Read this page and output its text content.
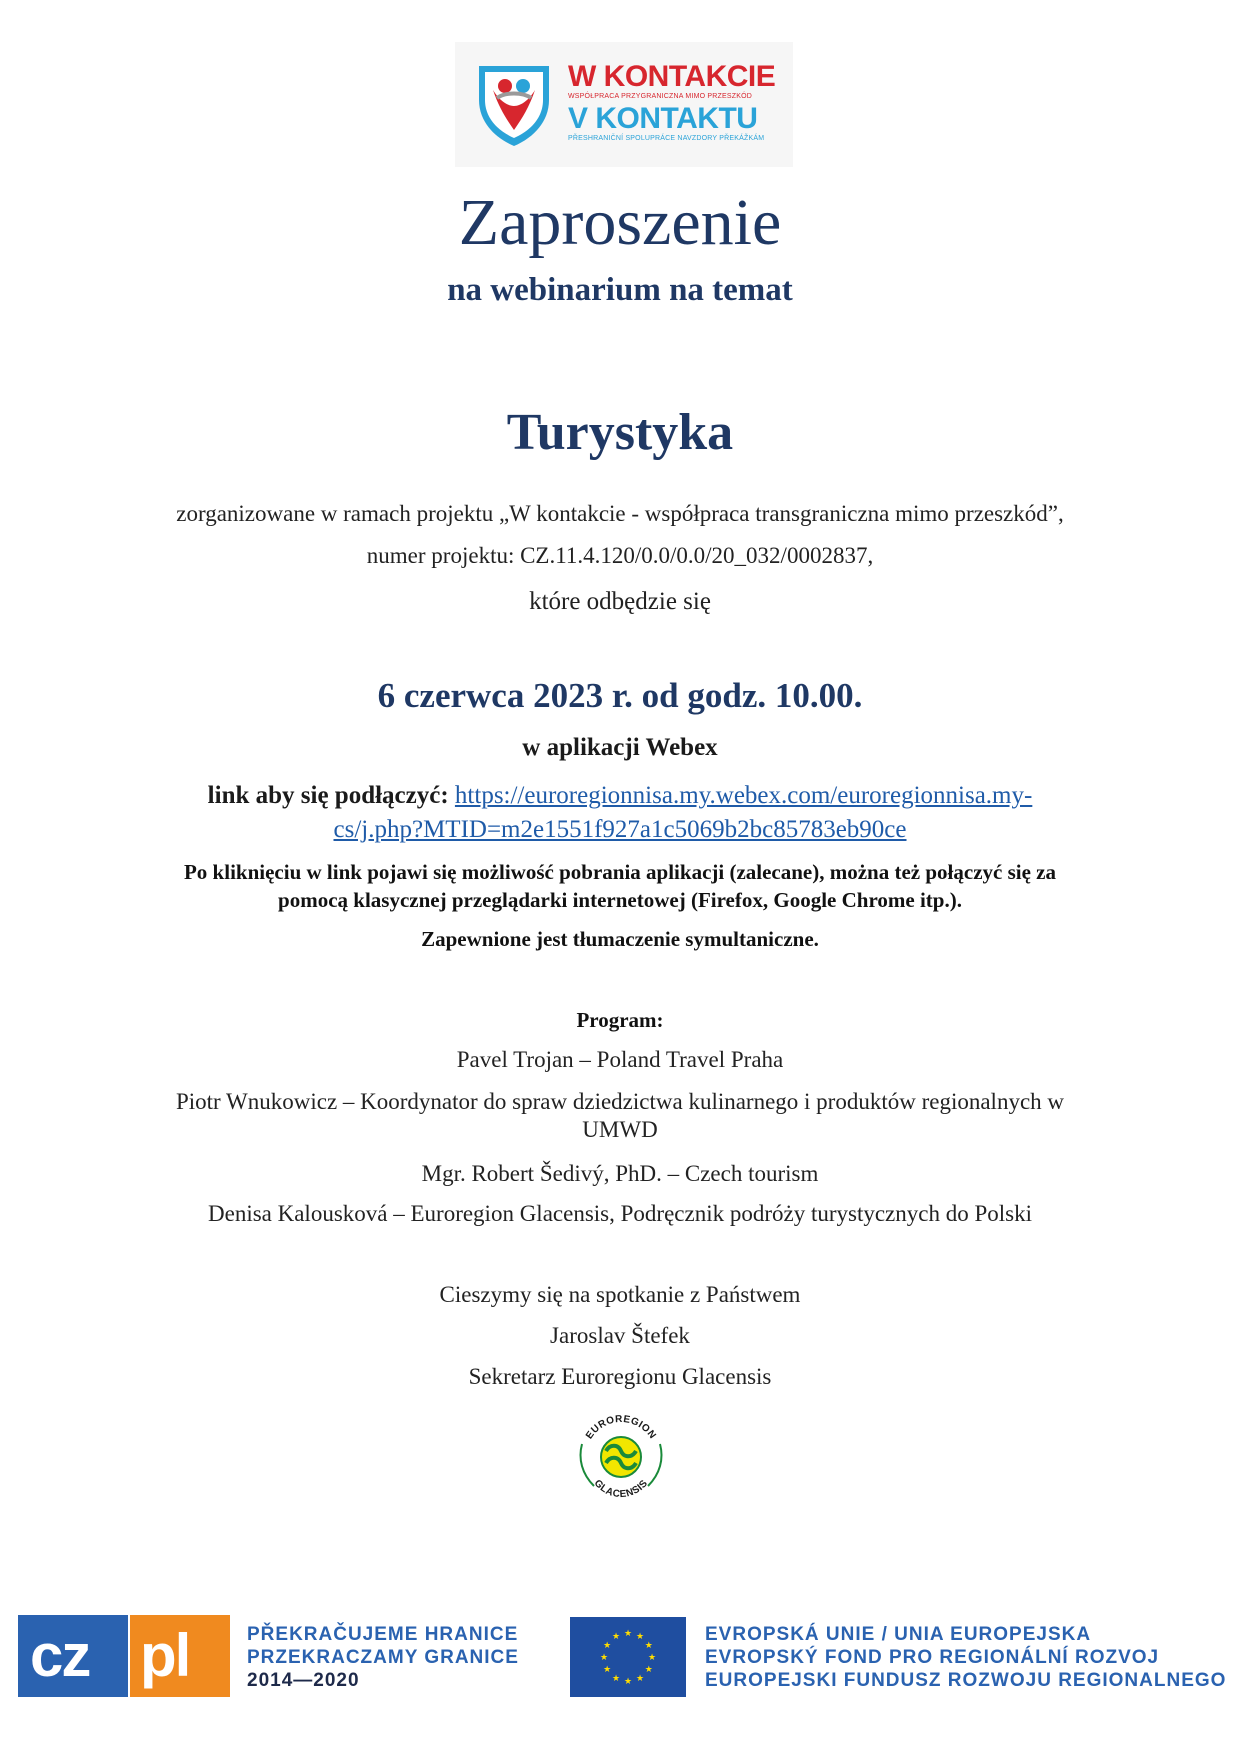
W KONTAKCIE
WSPÓŁPRACA PRZYGRANICZNA MIMO PRZESZKÓD
V KONTAKTU
PŘESHRANIČNÍ SPOLUPRÁCE NAVZDORY PŘEKÁŽKÁM
Zaproszenie
na webinarium na temat
Turystyka
zorganizowane w ramach projektu „W kontakcie - współpraca transgraniczna mimo przeszkód”,
numer projektu: CZ.11.4.120/0.0/0.0/20_032/0002837,
które odbędzie się
6 czerwca 2023 r. od godz. 10.00.
w aplikacji Webex
link aby się podłączyć: https://euroregionnisa.my.webex.com/euroregionnisa.my-
cs/j.php?MTID=m2e1551f927a1c5069b2bc85783eb90ce
Po kliknięciu w link pojawi się możliwość pobrania aplikacji (zalecane), można też połączyć się za
pomocą klasycznej przeglądarki internetowej (Firefox, Google Chrome itp.).
Zapewnione jest tłumaczenie symultaniczne.
Program:
Pavel Trojan – Poland Travel Praha
Piotr Wnukowicz – Koordynator do spraw dziedzictwa kulinarnego i produktów regionalnych w
UMWD
Mgr. Robert Šedivý, PhD. – Czech tourism
Denisa Kalousková – Euroregion Glacensis, Podręcznik podróży turystycznych do Polski
Cieszymy się na spotkanie z Państwem
Jaroslav Štefek
Sekretarz Euroregionu Glacensis
EUROREGION
GLACENSIS
cz pl	PŘEKRAČUJEME HRANICE
PRZEKRACZAMY GRANICE
2014—2020
★
★
★
★
★
★
★
★
★ ★ ★
★	EVROPSKÁ UNIE / UNIA EUROPEJSKA
EVROPSKÝ FOND PRO REGIONÁLNÍ ROZVOJ
EUROPEJSKI FUNDUSZ ROZWOJU REGIONALNEGO
